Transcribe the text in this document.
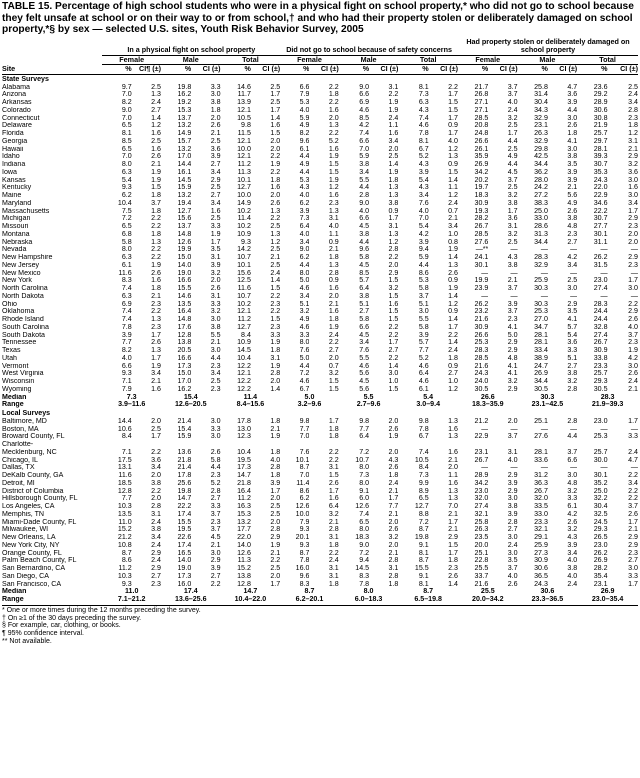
TABLE 15. Percentage of high school students who were in a physical fight on school property,* who did not go to school because they felt unsafe at school or on their way to or from school,† and who had their property stolen or deliberately damaged on school property,*§ by sex — selected U.S. sites, Youth Risk Behavior Survey, 2005
	In a physical fight on school property						Did not go to school because of safety concerns						Had property stolen or deliberately damaged on school property					
	Female		Male		Total		Female		Male		Total		Female		Male		Total	
Site	%	CI¶ (±)	%	CI (±)	%	CI (±)	%	CI (±)	%	CI (±)	%	CI (±)	%	CI (±)	%	CI (±)	%	CI (±)
State Surveys																		
Alabama	9.7	2.5	19.8	3.3	14.6	2.5	6.6	2.2	9.0	3.1	8.1	2.2	21.7	3.7	25.8	4.7	23.6	2.5
Arizona	7.0	1.3	16.2	3.0	11.7	1.7	7.9	1.8	6.6	2.2	7.3	1.7	26.8	3.7	31.4	3.6	29.2	2.4
Arkansas	8.2	2.4	19.2	3.8	13.9	2.5	5.3	2.2	6.9	1.9	6.3	1.5	27.1	4.0	30.4	3.9	28.9	3.4
Colorado	9.0	2.7	15.3	1.8	12.1	1.7	4.0	1.6	4.6	1.9	4.3	1.5	27.1	2.4	34.3	4.4	30.6	2.8
Connecticut	7.0	1.4	13.7	2.0	10.5	1.4	5.9	2.0	8.5	2.4	7.4	1.7	28.5	3.2	32.9	3.0	30.8	2.3
Delaware	6.5	1.2	13.2	2.6	9.8	1.6	4.9	1.3	4.2	1.1	4.6	0.9	20.8	2.5	23.1	2.6	21.9	1.8
Florida	8.1	1.6	14.9	2.1	11.5	1.5	8.2	2.2	7.4	1.6	7.8	1.7	24.8	1.7	26.3	1.8	25.7	1.2
Georgia	8.5	2.5	15.7	2.5	12.1	2.0	9.6	5.2	6.6	3.4	8.1	4.0	26.6	4.4	32.9	4.1	29.7	3.1
Hawaii	6.5	1.6	13.2	3.6	10.0	2.0	6.1	1.6	7.0	2.0	6.7	1.2	26.1	2.5	29.8	3.0	28.1	2.1
Idaho	7.0	2.6	17.0	3.9	12.1	2.2	4.4	1.9	5.9	2.5	5.2	1.3	35.9	4.9	42.5	3.8	39.3	2.9
Indiana	8.0	2.1	14.4	2.7	11.2	1.9	4.9	1.5	3.8	1.4	4.3	0.9	26.9	4.4	34.4	3.5	30.7	3.2
Iowa	6.3	1.9	16.1	3.4	11.3	2.2	4.4	1.5	3.4	1.9	3.9	1.5	34.2	4.5	36.2	3.9	35.3	3.6
Kansas	5.4	1.9	14.5	2.9	10.1	1.8	5.3	1.9	5.5	1.8	5.4	1.4	20.2	3.7	28.0	3.9	24.3	3.0
Kentucky	9.3	1.5	15.9	2.5	12.7	1.6	4.3	1.2	4.4	1.3	4.3	1.1	19.7	2.5	24.2	2.1	22.0	1.6
Maine	6.2	1.8	13.2	2.7	10.0	2.0	4.0	1.6	2.8	1.3	3.4	1.2	18.3	3.2	27.2	5.6	22.9	3.0
Maryland	10.4	3.7	19.4	3.4	14.9	2.6	6.2	2.3	9.0	3.8	7.6	2.4	30.9	3.8	38.3	4.9	34.6	3.4
Massachusetts	7.5	1.8	12.7	1.6	10.2	1.3	3.9	1.3	4.0	0.9	4.0	0.7	19.3	1.7	25.0	2.6	22.2	1.7
Michigan	7.2	2.2	15.6	2.5	11.4	2.2	7.3	3.1	6.6	1.7	7.0	2.1	28.2	3.6	33.0	3.8	30.7	2.9
Missouri	6.5	2.2	13.7	3.3	10.2	2.5	6.4	4.0	4.5	3.1	5.4	3.4	26.7	3.1	28.6	4.8	27.7	2.3
Montana	6.8	1.8	14.8	1.9	10.9	1.3	4.0	1.1	3.8	1.3	4.2	1.0	28.5	3.2	31.3	2.3	30.1	2.0
Nebraska	5.8	1.3	12.6	1.7	9.3	1.2	3.4	0.9	4.4	1.2	3.9	0.8	27.6	2.5	34.4	2.7	31.1	2.0
Nevada	8.0	2.2	19.9	3.5	14.2	2.5	9.0	2.1	9.6	2.8	9.4	1.9	—**	—	—	—	—	—
New Hampshire	6.3	2.2	15.0	3.1	10.7	2.1	6.2	1.8	5.8	2.2	5.9	1.4	24.1	4.3	28.3	4.2	26.2	2.9
New Jersey	6.1	1.9	14.0	3.9	10.1	2.5	4.4	1.3	4.5	2.0	4.4	1.3	30.1	3.8	32.9	3.4	31.5	2.3
New Mexico	11.6	2.6	19.0	3.2	15.6	2.4	8.0	2.8	8.5	2.9	8.6	2.6	—	—	—	—	—	—
New York	8.3	1.6	16.6	2.0	12.5	1.4	5.0	0.9	5.7	1.5	5.3	0.9	19.9	2.1	25.9	2.5	23.0	1.7
North Carolina	7.4	1.8	15.5	2.6	11.6	1.5	4.6	1.6	6.4	3.2	5.8	1.9	23.9	3.7	30.3	3.0	27.4	3.0
North Dakota	6.3	2.1	14.6	3.1	10.7	2.2	3.4	2.0	3.8	1.5	3.7	1.4	—	—	—	—	—	—
Ohio	6.9	2.3	13.5	3.3	10.2	2.3	5.1	2.1	5.1	1.6	5.1	1.2	26.2	3.9	30.3	2.9	28.3	2.2
Oklahoma	7.4	2.2	16.4	3.2	12.1	2.2	3.2	1.6	2.7	1.5	3.0	0.9	23.2	3.7	25.3	3.5	24.4	2.9
Rhode Island	7.4	1.3	14.8	3.0	11.2	1.5	4.9	1.8	5.8	1.5	5.5	1.4	21.6	2.3	27.0	4.1	24.4	2.6
South Carolina	7.8	2.3	17.6	3.8	12.7	2.3	4.6	1.9	6.6	2.2	5.8	1.7	30.9	4.1	34.7	5.7	32.8	4.0
South Dakota	3.9	1.7	12.8	5.5	8.4	3.3	3.3	2.4	4.5	2.2	3.9	2.2	26.6	5.0	28.1	5.4	27.4	3.7
Tennessee	7.7	2.6	13.8	2.1	10.9	1.9	8.0	2.2	3.4	1.7	5.7	1.4	25.3	2.9	28.1	3.6	26.7	2.3
Texas	8.2	1.3	20.5	3.0	14.5	1.8	7.6	2.7	7.6	2.7	7.7	2.4	28.3	2.9	33.4	3.3	30.9	1.9
Utah	4.0	1.7	16.6	4.4	10.4	3.1	5.0	2.0	5.5	2.2	5.2	1.8	28.5	4.8	38.9	5.1	33.8	4.2
Vermont	6.6	1.9	17.3	2.3	12.2	1.9	4.4	0.7	4.6	1.4	4.6	0.9	21.6	4.1	24.7	2.7	23.3	3.0
West Virginia	9.3	3.4	15.0	3.4	12.1	2.8	7.2	3.2	5.6	3.0	6.4	2.7	24.3	4.1	26.9	3.8	25.7	2.6
Wisconsin	7.1	2.1	17.0	2.5	12.2	2.0	4.6	1.5	4.5	1.0	4.6	1.0	24.0	3.2	34.4	3.2	29.3	2.4
Wyoming	7.9	1.6	16.2	2.3	12.2	1.4	6.7	1.5	5.6	1.5	6.1	1.2	30.5	2.9	30.5	2.8	30.5	2.1
Median	7.3		15.4		11.4		5.0		5.5		5.4		26.6		30.3		28.3	
Range	3.9–11.6		12.6–20.5		8.4–15.6		3.2–9.6		2.7–9.6		3.0–9.4		18.3–35.9		23.1–42.5		21.9–39.3	
Local Surveys																		
Baltimore, MD	14.4	2.0	21.4	3.0	17.8	1.8	9.8	1.7	9.8	2.0	9.8	1.3	21.2	2.0	25.1	2.8	23.0	1.7
Boston, MA	10.6	2.5	15.4	3.3	13.0	2.1	7.7	1.8	7.7	2.6	7.8	1.6	—	—	—	—	—	—
Broward County, FL	8.4	1.7	15.9	3.0	12.3	1.9	7.0	1.8	6.4	1.9	6.7	1.3	22.9	3.7	27.6	4.4	25.3	3.3
Charlotte-																		
Mecklenburg, NC	7.1	2.2	13.6	2.6	10.4	1.8	7.6	2.2	7.2	2.0	7.4	1.6	23.1	3.1	28.1	3.7	25.7	2.4
Chicago, IL	17.5	3.6	21.8	5.8	19.5	4.0	10.1	2.2	10.7	4.3	10.5	2.1	26.7	4.0	33.6	6.6	30.0	4.7
Dallas, TX	13.1	3.4	21.4	4.4	17.3	2.8	8.7	3.1	8.0	2.6	8.4	2.0	—	—	—	—	—	—
DeKalb County, GA	11.6	2.0	17.8	2.3	14.7	1.8	7.0	1.5	7.3	1.8	7.3	1.1	28.9	2.9	31.2	3.0	30.1	2.2
Detroit, MI	18.5	3.8	25.6	5.2	21.8	3.9	11.4	2.6	8.0	2.4	9.9	1.6	34.2	3.9	36.3	4.8	35.2	3.4
District of Columbia	12.8	2.2	19.8	2.8	16.4	1.7	8.6	1.7	9.1	2.1	8.9	1.3	23.0	2.9	26.7	3.2	25.0	2.2
Hillsborough County, FL	7.7	2.0	14.7	2.7	11.2	2.0	6.2	1.6	6.0	1.7	6.5	1.3	32.0	3.0	32.0	3.3	32.2	2.2
Los Angeles, CA	10.3	2.8	22.2	3.3	16.3	2.5	12.6	6.4	12.6	7.7	12.7	7.0	27.4	3.8	33.5	6.1	30.4	3.7
Memphis, TN	13.5	3.1	17.4	3.7	15.3	2.5	10.0	3.2	7.4	2.1	8.8	2.1	32.1	3.9	33.0	4.2	32.5	2.6
Miami-Dade County, FL	11.0	2.4	15.5	2.3	13.2	2.0	7.9	2.1	6.5	2.0	7.2	1.7	25.8	2.8	23.3	2.6	24.5	1.7
Milwaukee, WI	15.2	3.8	19.5	3.7	17.7	2.8	9.3	2.8	8.0	2.6	8.7	2.1	26.3	2.7	32.1	3.2	29.3	2.1
New Orleans, LA	21.2	3.4	22.6	4.5	22.0	2.9	20.1	3.1	18.3	3.2	19.8	2.9	23.5	3.0	29.1	4.3	26.5	2.9
New York City, NY	10.8	2.4	17.4	2.1	14.0	1.9	9.3	1.8	9.0	2.0	9.1	1.5	20.0	2.4	25.9	3.9	23.0	2.9
Orange County, FL	8.7	2.9	16.5	3.0	12.6	2.1	8.7	2.2	7.2	2.1	8.1	1.7	25.1	3.0	27.3	3.4	26.2	2.3
Palm Beach County, FL	8.6	2.4	14.0	2.9	11.3	2.2	7.8	2.4	9.4	2.8	8.7	1.8	22.8	3.5	30.9	4.0	26.9	2.7
San Bernardino, CA	11.2	2.9	19.0	3.9	15.2	2.5	16.0	3.1	14.5	3.1	15.5	2.3	25.5	3.7	30.6	3.8	28.2	3.0
San Diego, CA	10.3	2.7	17.3	2.7	13.8	2.0	9.6	3.1	8.3	2.8	9.1	2.6	33.7	4.0	36.5	4.0	35.4	3.3
San Francisco, CA	9.3	2.3	16.0	2.2	12.8	1.7	8.3	1.8	7.8	1.8	8.1	1.4	21.6	2.6	24.3	2.4	23.1	1.7
Median	11.0		17.4		14.7		8.7		8.0		8.7		25.5		30.6		26.9	
Range	7.1–21.2		13.6–25.6		10.4–22.0		6.2–20.1		6.0–18.3		6.5–19.8		20.0–34.2		23.3–36.5		23.0–35.4	
* One or more times during the 12 months preceding the survey.
† On ≥1 of the 30 days preceding the survey.
§ For example, car, clothing, or books.
¶ 95% confidence interval.
** Not available.
